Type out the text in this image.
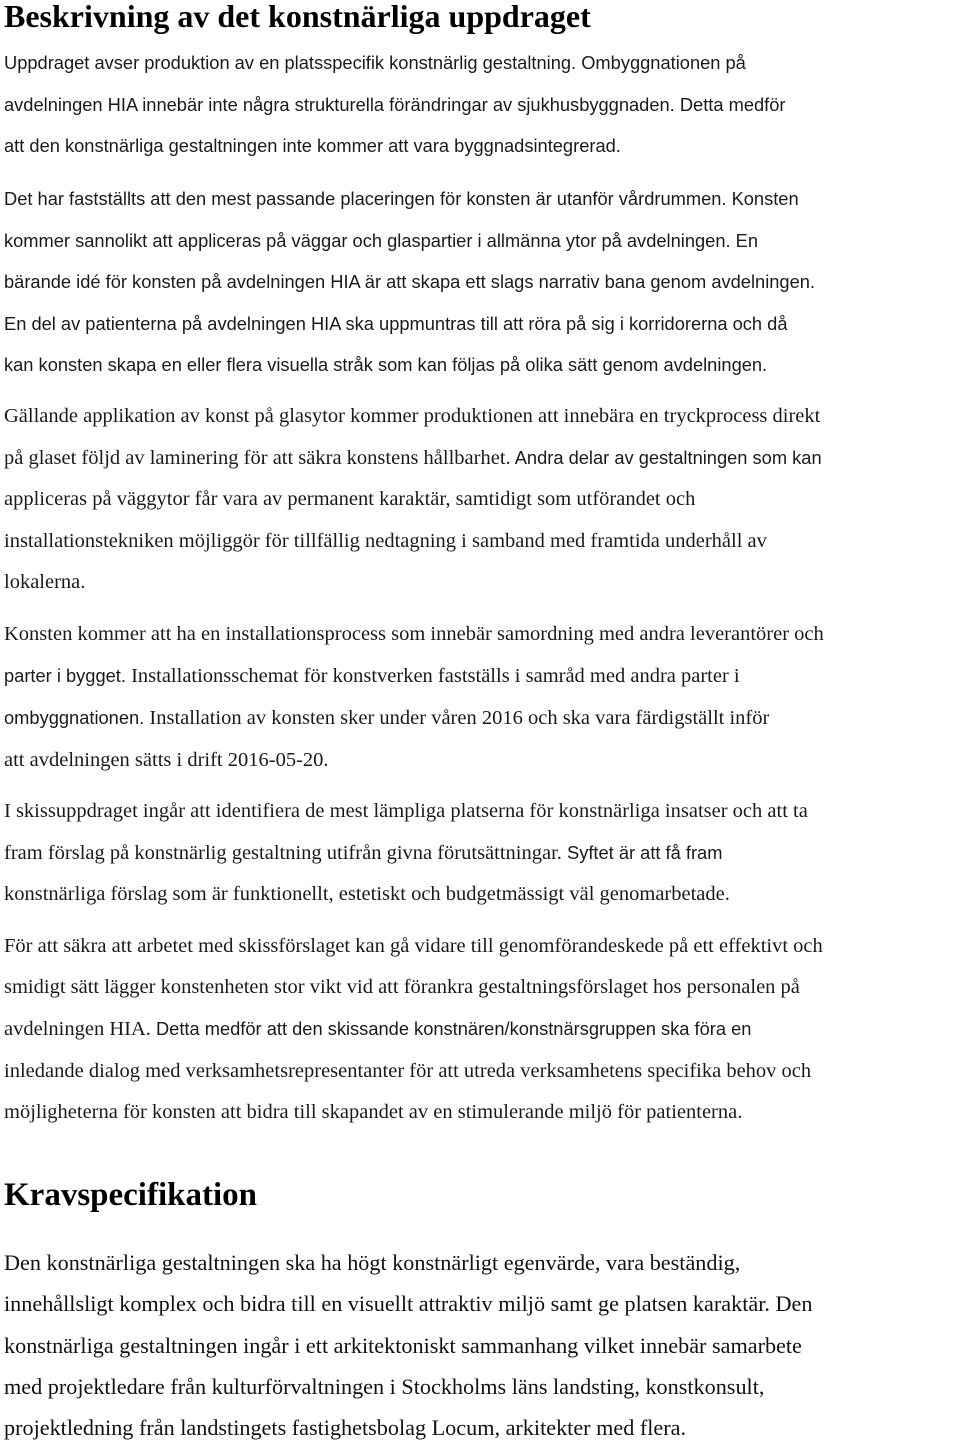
Beskrivning av det konstnärliga uppdraget
Uppdraget avser produktion av en platsspecifik konstnärlig gestaltning. Ombyggnationen på
avdelningen HIA innebär inte några strukturella förändringar av sjukhusbyggnaden. Detta medför
att den konstnärliga gestaltningen inte kommer att vara byggnadsintegrerad.
Det har fastställts att den mest passande placeringen för konsten är utanför vårdrummen. Konsten
kommer sannolikt att appliceras på väggar och glaspartier i allmänna ytor på avdelningen. En
bärande idé för konsten på avdelningen HIA är att skapa ett slags narrativ bana genom avdelningen.
En del av patienterna på avdelningen HIA ska uppmuntras till att röra på sig i korridorerna och då
kan konsten skapa en eller flera visuella stråk som kan följas på olika sätt genom avdelningen.
Gällande applikation av konst på glasytor kommer produktionen att innebära en tryckprocess direkt
på glaset följd av laminering för att säkra konstens hållbarhet. Andra delar av gestaltningen som kan
appliceras på väggytor får vara av permanent karaktär, samtidigt som utförandet och
installationstekniken möjliggör för tillfällig nedtagning i samband med framtida underhåll av
lokalerna.
Konsten kommer att ha en installationsprocess som innebär samordning med andra leverantörer och
parter i bygget. Installationsschemat för konstverken fastställs i samråd med andra parter i
ombyggnationen. Installation av konsten sker under våren 2016 och ska vara färdigställt inför
att avdelningen sätts i drift 2016-05-20.
I skissuppdraget ingår att identifiera de mest lämpliga platserna för konstnärliga insatser och att ta
fram förslag på konstnärlig gestaltning utifrån givna förutsättningar. Syftet är att få fram
konstnärliga förslag som är funktionellt, estetiskt och budgetmässigt väl genomarbetade.
För att säkra att arbetet med skissförslaget kan gå vidare till genomförandeskede på ett effektivt och
smidigt sätt lägger konstenheten stor vikt vid att förankra gestaltningsförslaget hos personalen på
avdelningen HIA. Detta medför att den skissande konstnären/konstnärsgruppen ska föra en
inledande dialog med verksamhetsrepresentanter för att utreda verksamhetens specifika behov och
möjligheterna för konsten att bidra till skapandet av en stimulerande miljö för patienterna.
Kravspecifikation
Den konstnärliga gestaltningen ska ha högt konstnärligt egenvärde, vara beständig,
innehållsligt komplex och bidra till en visuellt attraktiv miljö samt ge platsen karaktär. Den
konstnärliga gestaltningen ingår i ett arkitektoniskt sammanhang vilket innebär samarbete
med projektledare från kulturförvaltningen i Stockholms läns landsting, konstkonsult,
projektledning från landstingets fastighetsbolag Locum, arkitekter med flera.
